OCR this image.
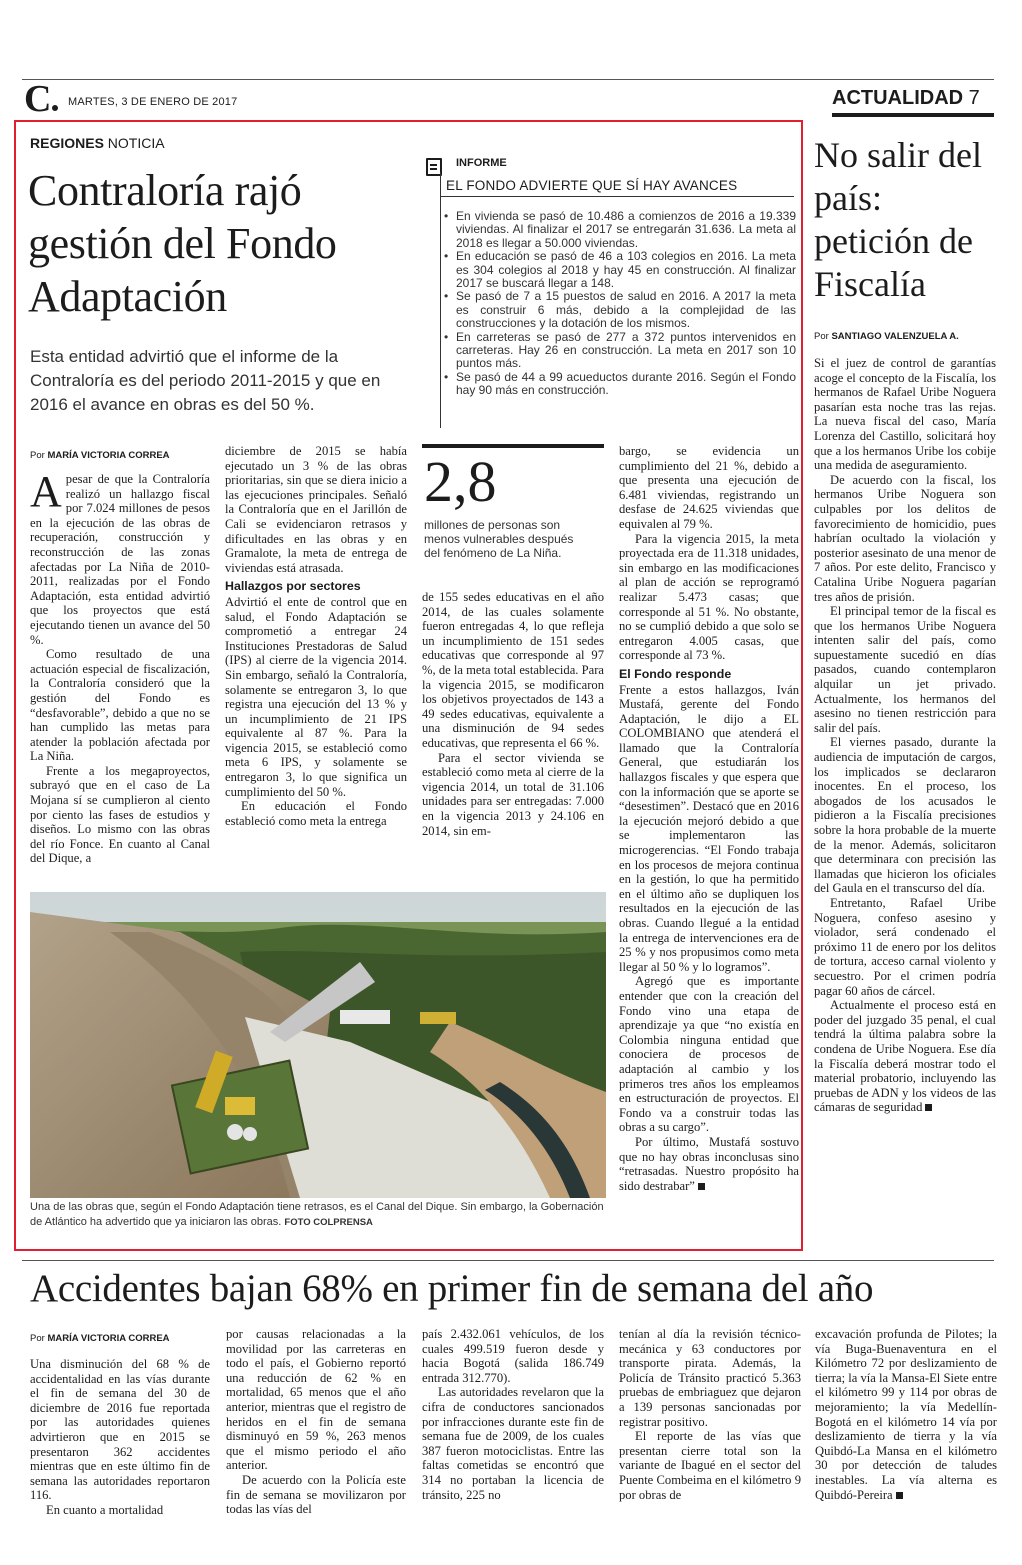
C	MARTES, 3 DE ENERO DE 2017	ACTUALIDAD 7
REGIONES NOTICIA
Contraloría rajó gestión del Fondo Adaptación
Esta entidad advirtió que el informe de la Contraloría es del periodo 2011-2015 y que en 2016 el avance en obras es del 50 %.
INFORME
EL FONDO ADVIERTE QUE SÍ HAY AVANCES
• En vivienda se pasó de 10.486 a comienzos de 2016 a 19.339 viviendas. Al finalizar el 2017 se entregarán 31.636. La meta al 2018 es llegar a 50.000 viviendas.
• En educación se pasó de 46 a 103 colegios en 2016. La meta es 304 colegios al 2018 y hay 45 en construcción. Al finalizar 2017 se buscará llegar a 148.
• Se pasó de 7 a 15 puestos de salud en 2016. A 2017 la meta es construir 6 más, debido a la complejidad de las construcciones y la dotación de los mismos.
• En carreteras se pasó de 277 a 372 puntos intervenidos en carreteras. Hay 26 en construcción. La meta en 2017 son 10 puntos más.
• Se pasó de 44 a 99 acueductos durante 2016. Según el Fondo hay 90 más en construcción.
Por MARÍA VICTORIA CORREA

Apesar de que la Contraloría realizó un hallazgo fiscal por 7.024 millones de pesos en la ejecución de las obras de recuperación, construcción y reconstrucción de las zonas afectadas por La Niña de 2010-2011, realizadas por el Fondo Adaptación, esta entidad advirtió que los proyectos que está ejecutando tienen un avance del 50 %.

Como resultado de una actuación especial de fiscalización, la Contraloría consideró que la gestión del Fondo es “desfavorable”, debido a que no se han cumplido las metas para atender la población afectada por La Niña.

Frente a los megaproyectos, subrayó que en el caso de La Mojana sí se cumplieron al ciento por ciento las fases de estudios y diseños. Lo mismo con las obras del río Fonce. En cuanto al Canal del Dique, a

diciembre de 2015 se había ejecutado un 3 % de las obras prioritarias, sin que se diera inicio a las ejecuciones principales. Señaló la Contraloría que en el Jarillón de Cali se evidenciaron retrasos y dificultades en las obras y en Gramalote, la meta de entrega de viviendas está atrasada.

Hallazgos por sectores

Advirtió el ente de control que en salud, el Fondo Adaptación se comprometió a entregar 24 Instituciones Prestadoras de Salud (IPS) al cierre de la vigencia 2014. Sin embargo, señaló la Contraloría, solamente se entregaron 3, lo que registra una ejecución del 13 % y un incumplimiento de 21 IPS equivalente al 87 %. Para la vigencia 2015, se estableció como meta 6 IPS, y solamente se entregaron 3, lo que significa un cumplimiento del 50 %.

En educación el Fondo estableció como meta la entrega

2,8
millones de personas son menos vulnerables después del fenómeno de La Niña.

de 155 sedes educativas en el año 2014, de las cuales solamente fueron entregadas 4, lo que refleja un incumplimiento de 151 sedes educativas que corresponde al 97 %, de la meta total establecida. Para la vigencia 2015, se modificaron los objetivos proyectados de 143 a 49 sedes educativas, equivalente a una disminución de 94 sedes educativas, que representa el 66 %.

Para el sector vivienda se estableció como meta al cierre de la vigencia 2014, un total de 31.106 unidades para ser entregadas: 7.000 en la vigencia 2013 y 24.106 en 2014, sin em-

bargo, se evidencia un cumplimiento del 21 %, debido a que presenta una ejecución de 6.481 viviendas, registrando un desfase de 24.625 viviendas que equivalen al 79 %.

Para la vigencia 2015, la meta proyectada era de 11.318 unidades, sin embargo en las modificaciones al plan de acción se reprogramó realizar 5.473 casas; que corresponde al 51 %. No obstante, no se cumplió debido a que solo se entregaron 4.005 casas, que corresponde al 73 %.

El Fondo responde

Frente a estos hallazgos, Iván Mustafá, gerente del Fondo Adaptación, le dijo a EL COLOMBIANO que atenderá el llamado que la Contraloría General, que estudiarán los hallazgos fiscales y que espera que con la información que se aporte se “desestimen”. Destacó que en 2016 la ejecución mejoró debido a que se implementaron las microgerencias. “El Fondo trabaja en los procesos de mejora continua en la gestión, lo que ha permitido en el último año se dupliquen los resultados en la ejecución de las obras. Cuando llegué a la entidad la entrega de intervenciones era de 25 % y nos propusimos como meta llegar al 50 % y lo logramos”.

Agregó que es importante entender que con la creación del Fondo vino una etapa de aprendizaje ya que “no existía en Colombia ninguna entidad que conociera de procesos de adaptación al cambio y los primeros tres años los empleamos en estructuración de proyectos. El Fondo va a construir todas las obras a su cargo”.

Por último, Mustafá sostuvo que no hay obras inconclusas sino “retrasadas. Nuestro propósito ha sido destrabar”

Una de las obras que, según el Fondo Adaptación tiene retrasos, es el Canal del Dique. Sin embargo, la Gobernación de Atlántico ha advertido que ya iniciaron las obras. FOTO COLPRENSA
No salir del país: petición de Fiscalía
Por SANTIAGO VALENZUELA A.

Si el juez de control de garantías acoge el concepto de la Fiscalía, los hermanos de Rafael Uribe Noguera pasarían esta noche tras las rejas. La nueva fiscal del caso, María Lorenza del Castillo, solicitará hoy que a los hermanos Uribe los cobije una medida de aseguramiento.

De acuerdo con la fiscal, los hermanos Uribe Noguera son culpables por los delitos de favorecimiento de homicidio, pues habrían ocultado la violación y posterior asesinato de una menor de 7 años. Por este delito, Francisco y Catalina Uribe Noguera pagarían tres años de prisión.

El principal temor de la fiscal es que los hermanos Uribe Noguera intenten salir del país, como supuestamente sucedió en días pasados, cuando contemplaron alquilar un jet privado. Actualmente, los hermanos del asesino no tienen restricción para salir del país.

El viernes pasado, durante la audiencia de imputación de cargos, los implicados se declararon inocentes. En el proceso, los abogados de los acusados le pidieron a la Fiscalía precisiones sobre la hora probable de la muerte de la menor. Además, solicitaron que determinara con precisión las llamadas que hicieron los oficiales del Gaula en el transcurso del día.

Entretanto, Rafael Uribe Noguera, confeso asesino y violador, será condenado el próximo 11 de enero por los delitos de tortura, acceso carnal violento y secuestro. Por el crimen podría pagar 60 años de cárcel.

Actualmente el proceso está en poder del juzgado 35 penal, el cual tendrá la última palabra sobre la condena de Uribe Noguera. Ese día la Fiscalía deberá mostrar todo el material probatorio, incluyendo las pruebas de ADN y los videos de las cámaras de seguridad

Accidentes bajan 68% en primer fin de semana del año
Por MARÍA VICTORIA CORREA

Una disminución del 68 % de accidentalidad en las vías durante el fin de semana del 30 de diciembre de 2016 fue reportada por las autoridades quienes advirtieron que en 2015 se presentaron 362 accidentes mientras que en este último fin de semana las autoridades reportaron 116.

En cuanto a mortalidad

por causas relacionadas a la movilidad por las carreteras en todo el país, el Gobierno reportó una reducción de 62 % en mortalidad, 65 menos que el año anterior, mientras que el registro de heridos en el fin de semana disminuyó en 59 %, 263 menos que el mismo periodo el año anterior.

De acuerdo con la Policía este fin de semana se movilizaron por todas las vías del

país 2.432.061 vehículos, de los cuales 499.519 fueron desde y hacia Bogotá (salida 186.749 entrada 312.770).

Las autoridades revelaron que la cifra de conductores sancionados por infracciones durante este fin de semana fue de 2009, de los cuales 387 fueron motociclistas. Entre las faltas cometidas se encontró que 314 no portaban la licencia de tránsito, 225 no

tenían al día la revisión técnico-mecánica y 63 conductores por transporte pirata. Además, la Policía de Tránsito practicó 5.363 pruebas de embriaguez que dejaron a 139 personas sancionadas por registrar positivo.

El reporte de las vías que presentan cierre total son la variante de Ibagué en el sector del Puente Combeima en el kilómetro 9 por obras de

excavación profunda de Pilotes; la vía Buga-Buenaventura en el Kilómetro 72 por deslizamiento de tierra; la vía la Mansa-El Siete entre el kilómetro 99 y 114 por obras de mejoramiento; la vía Medellín-Bogotá en el kilómetro 14 vía por deslizamiento de tierra y la vía Quibdó-La Mansa en el kilómetro 30 por detección de taludes inestables. La vía alterna es Quibdó-Pereira
